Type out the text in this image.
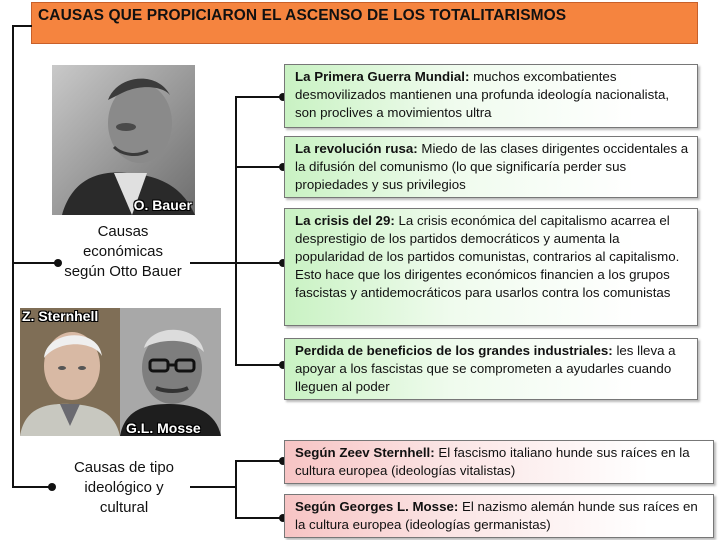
CAUSAS QUE PROPICIARON EL ASCENSO DE LOS TOTALITARISMOS
O. Bauer
Causas económicas según Otto Bauer
Z. Sternhell
G.L. Mosse
Causas de tipo ideológico y cultural
La Primera Guerra Mundial: muchos excombatientes desmovilizados mantienen una profunda ideología nacionalista, son proclives a movimientos ultra
La revolución rusa: Miedo de las clases dirigentes occidentales a la difusión del comunismo (lo que significaría perder sus propiedades y sus privilegios
La crisis del 29: La crisis económica del capitalismo acarrea el desprestigio de los partidos democráticos y aumenta la popularidad de los partidos comunistas, contrarios al capitalismo. Esto hace que los dirigentes económicos financien a los grupos fascistas y antidemocráticos para usarlos contra los comunistas
Perdida de beneficios de los grandes industriales: les lleva a apoyar a los fascistas que se comprometen a ayudarles cuando lleguen al poder
Según Zeev Sternhell: El fascismo italiano hunde sus raíces en la cultura europea (ideologías vitalistas)
Según Georges L. Mosse: El nazismo alemán hunde sus raíces en la cultura europea (ideologías germanistas)
